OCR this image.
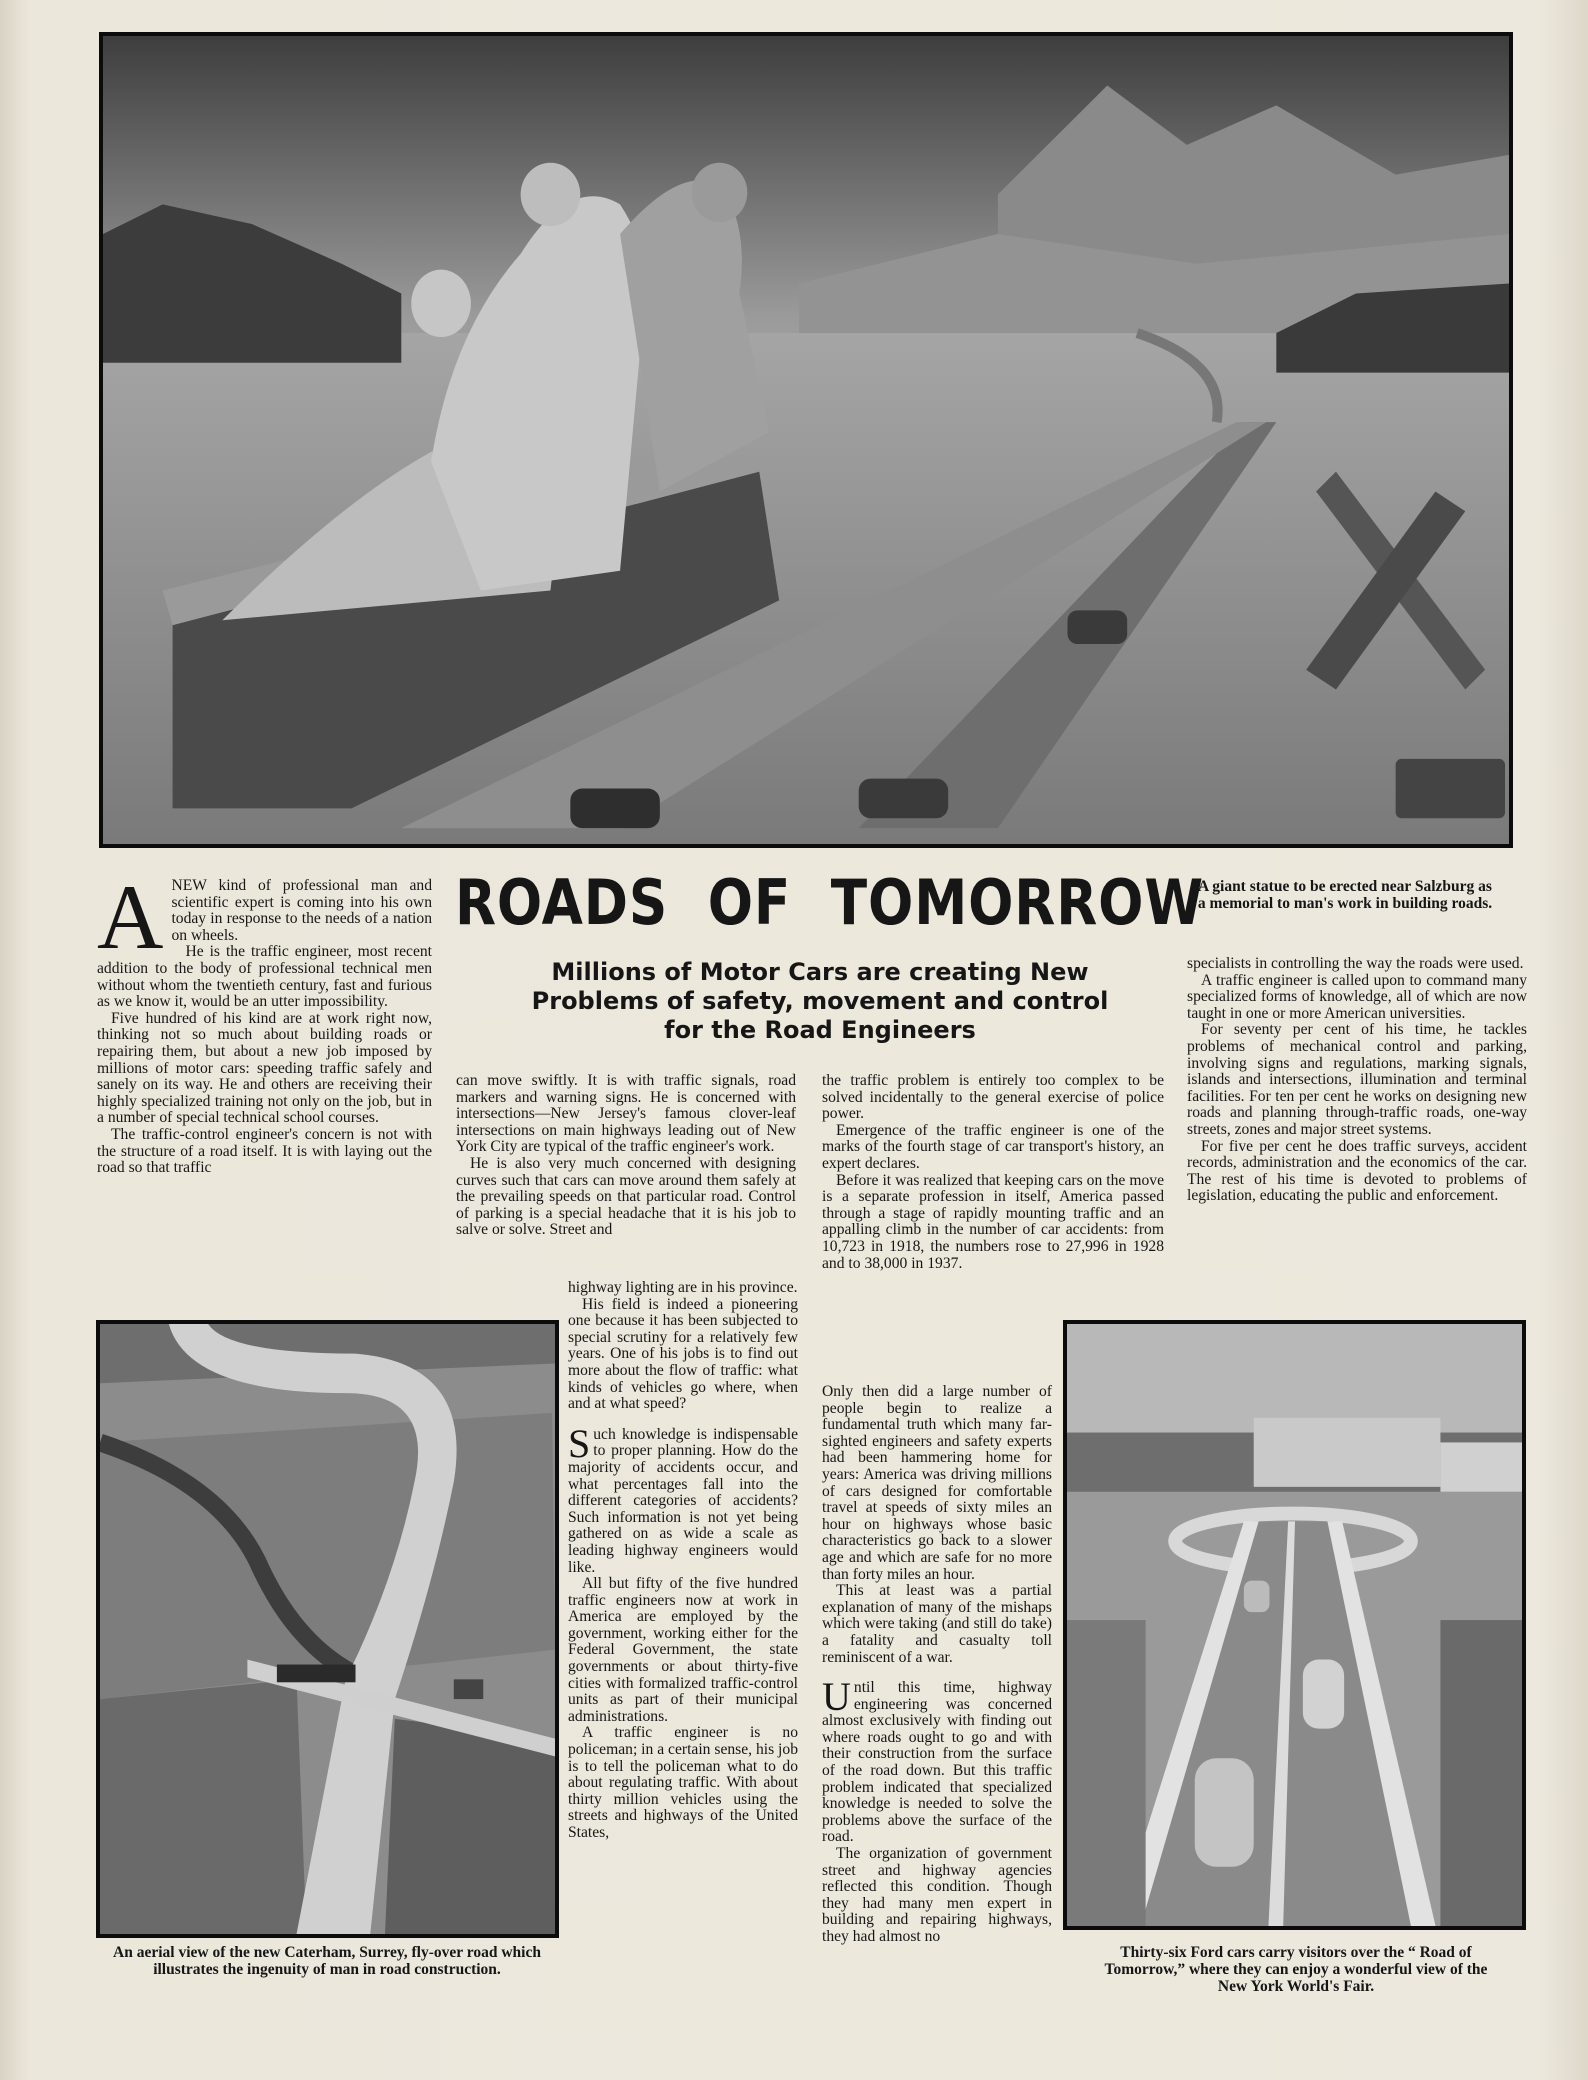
A giant statue to be erected near Salzburg as a memorial to man's work in building roads.
ROADS OF TOMORROW
Millions of Motor Cars are creating New
Problems of safety, movement and control
for the Road Engineers

ANEW kind of professional man and scientific expert is coming into his own today in response to the needs of a nation on wheels.

He is the traffic engineer, most recent addition to the body of professional technical men without whom the twentieth century, fast and furious as we know it, would be an utter impossibility.

Five hundred of his kind are at work right now, thinking not so much about building roads or repairing them, but about a new job imposed by millions of motor cars: speeding traffic safely and sanely on its way. He and others are receiving their highly specialized training not only on the job, but in a number of special technical school courses.

The traffic-control engineer's concern is not with the structure of a road itself. It is with laying out the road so that traffic

can move swiftly. It is with traffic signals, road markers and warning signs. He is concerned with intersections—New Jersey's famous clover-leaf intersections on main highways leading out of New York City are typical of the traffic engineer's work.

He is also very much concerned with designing curves such that cars can move around them safely at the prevailing speeds on that particular road. Control of parking is a special headache that it is his job to salve or solve. Street and

the traffic problem is entirely too complex to be solved incidentally to the general exercise of police power.

Emergence of the traffic engineer is one of the marks of the fourth stage of car transport's history, an expert declares.

Before it was realized that keeping cars on the move is a separate profession in itself, America passed through a stage of rapidly mounting traffic and an appalling climb in the number of car accidents: from 10,723 in 1918, the numbers rose to 27,996 in 1928 and to 38,000 in 1937.

specialists in controlling the way the roads were used.

A traffic engineer is called upon to command many specialized forms of knowledge, all of which are now taught in one or more American universities.

For seventy per cent of his time, he tackles problems of mechanical control and parking, involving signs and regulations, marking signals, islands and intersections, illumination and terminal facilities. For ten per cent he works on designing new roads and planning through-traffic roads, one-way streets, zones and major street systems.

For five per cent he does traffic surveys, accident records, administration and the economics of the car. The rest of his time is devoted to problems of legislation, educating the public and enforcement.

An aerial view of the new Caterham, Surrey, fly-over road which illustrates the ingenuity of man in road construction.

highway lighting are in his province.

His field is indeed a pioneering one because it has been subjected to special scrutiny for a relatively few years. One of his jobs is to find out more about the flow of traffic: what kinds of vehicles go where, when and at what speed?

Such knowledge is indispensable to proper planning. How do the majority of accidents occur, and what percentages fall into the different categories of accidents? Such information is not yet being gathered on as wide a scale as leading highway engineers would like.

All but fifty of the five hundred traffic engineers now at work in America are employed by the government, working either for the Federal Government, the state governments or about thirty-five cities with formalized traffic-control units as part of their municipal administrations.

A traffic engineer is no policeman; in a certain sense, his job is to tell the policeman what to do about regulating traffic. With about thirty million vehicles using the streets and highways of the United States,

Only then did a large number of people begin to realize a fundamental truth which many far-sighted engineers and safety experts had been hammering home for years: America was driving millions of cars designed for comfortable travel at speeds of sixty miles an hour on highways whose basic characteristics go back to a slower age and which are safe for no more than forty miles an hour.

This at least was a partial explanation of many of the mishaps which were taking (and still do take) a fatality and casualty toll reminiscent of a war.

Until this time, highway engineering was concerned almost exclusively with finding out where roads ought to go and with their construction from the surface of the road down. But this traffic problem indicated that specialized knowledge is needed to solve the problems above the surface of the road.

The organization of government street and highway agencies reflected this condition. Though they had many men expert in building and repairing highways, they had almost no

Thirty-six Ford cars carry visitors over the “ Road of Tomorrow,” where they can enjoy a wonderful view of the New York World's Fair.
